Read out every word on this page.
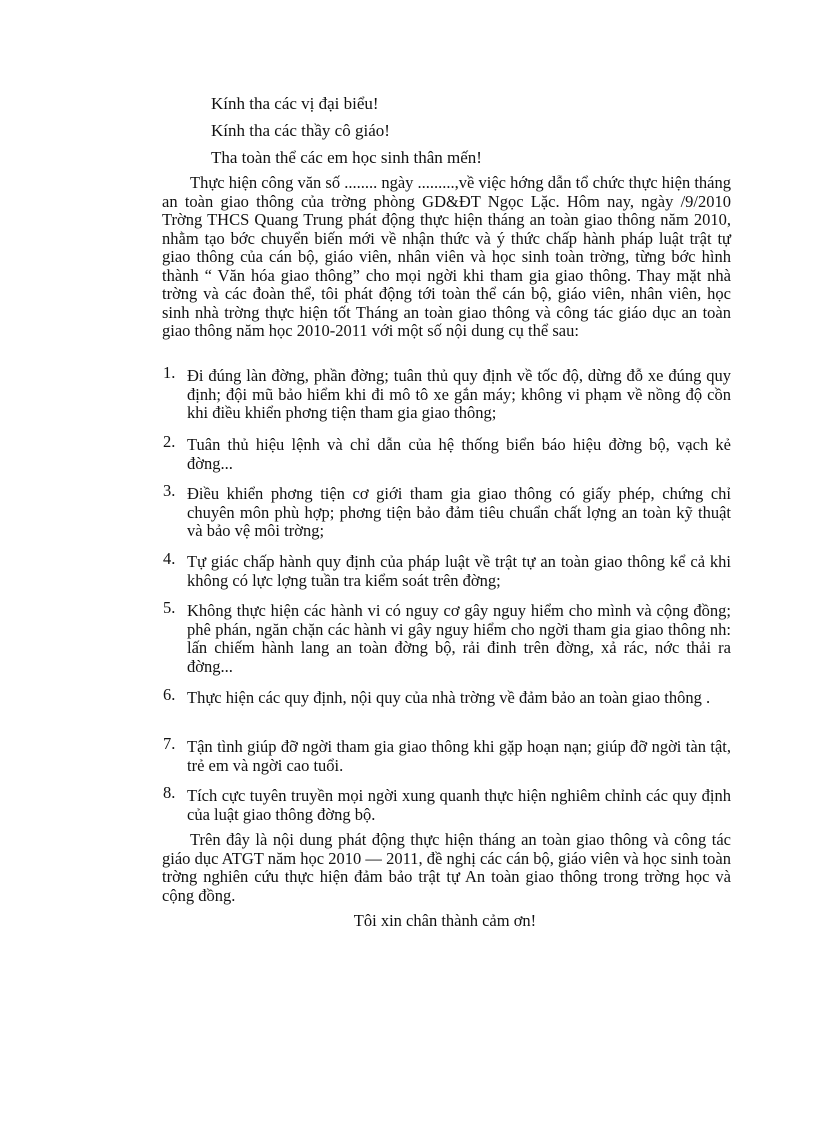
Kính tha các vị đại biểu!
Kính tha các thầy cô giáo!
Tha toàn thể các em học sinh thân mến!
Thực hiện công văn số ........ ngày .........,về việc hớng dẫn tổ chức thực hiện tháng an toàn giao thông của trờng phòng GD&ĐT Ngọc Lặc. Hôm nay, ngày /9/2010 Trờng THCS Quang Trung phát động thực hiện tháng an toàn giao thông năm 2010, nhằm tạo bớc chuyển biến mới về nhận thức và ý thức chấp hành pháp luật trật tự giao thông của cán bộ, giáo viên, nhân viên và học sinh toàn trờng, từng bớc hình thành “ Văn hóa giao thông” cho mọi ngời khi tham gia giao thông. Thay mặt nhà trờng và các đoàn thể, tôi phát động tới toàn thể cán bộ, giáo viên, nhân viên, học sinh nhà trờng thực hiện tốt Tháng an toàn giao thông và công tác giáo dục an toàn giao thông năm học 2010-2011 với một số nội dung cụ thể sau:
1. Đi đúng làn đờng, phần đờng; tuân thủ quy định về tốc độ, dừng đỗ xe đúng quy định; đội mũ bảo hiểm khi đi mô tô xe gắn máy; không vi phạm về nồng độ cồn khi điều khiển phơng tiện tham gia giao thông;
2. Tuân thủ hiệu lệnh và chỉ dẫn của hệ thống biển báo hiệu đờng bộ, vạch kẻ đờng...
3. Điều khiển phơng tiện cơ giới tham gia giao thông có giấy phép, chứng chỉ chuyên môn phù hợp; phơng tiện bảo đảm tiêu chuẩn chất lợng an toàn kỹ thuật và bảo vệ môi trờng;
4. Tự giác chấp hành quy định của pháp luật về trật tự an toàn giao thông kể cả khi không có lực lợng tuần tra kiểm soát trên đờng;
5. Không thực hiện các hành vi có nguy cơ gây nguy hiểm cho mình và cộng đồng; phê phán, ngăn chặn các hành vi gây nguy hiểm cho ngời tham gia giao thông nh: lấn chiếm hành lang an toàn đờng bộ, rải đinh trên đờng, xả rác, nớc thải ra đờng...
6. Thực hiện các quy định, nội quy của nhà trờng về đảm bảo an toàn giao thông .
7. Tận tình giúp đỡ ngời tham gia giao thông khi gặp hoạn nạn; giúp đỡ ngời tàn tật, trẻ em và ngời cao tuổi.
8. Tích cực tuyên truyền mọi ngời xung quanh thực hiện nghiêm chỉnh các quy định của luật giao thông đờng bộ.
Trên đây là nội dung phát động thực hiện tháng an toàn giao thông và công tác giáo dục ATGT năm học 2010 — 2011, đề nghị các cán bộ, giáo viên và học sinh toàn trờng nghiên cứu thực hiện đảm bảo trật tự An toàn giao thông trong trờng học và cộng đồng.
Tôi xin chân thành cảm ơn!
